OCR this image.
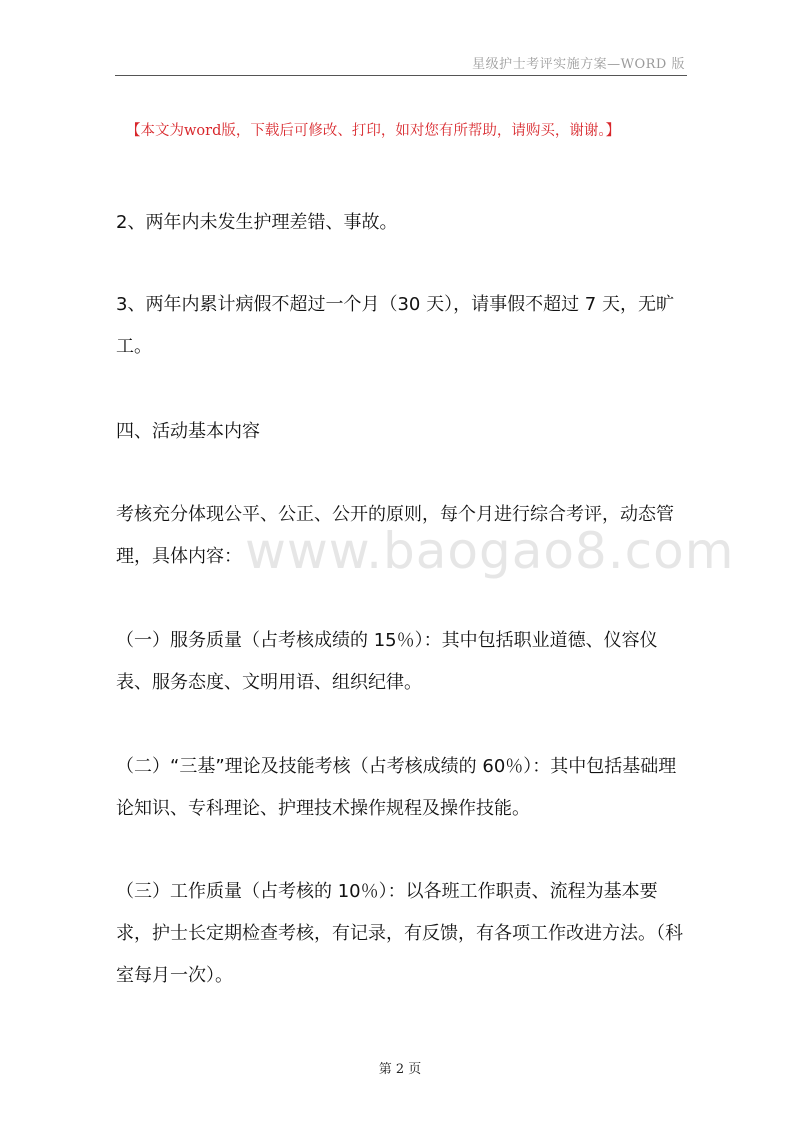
星级护士考评实施方案—WORD 版
【本文为word版，下载后可修改、打印，如对您有所帮助，请购买，谢谢。】
www.baogao8.com
2、两年内未发生护理差错、事故。
3、两年内累计病假不超过一个月（30 天），请事假不超过 7 天，无旷工。
四、活动基本内容
考核充分体现公平、公正、公开的原则，每个月进行综合考评，动态管理，具体内容：
（一）服务质量（占考核成绩的 15％）：其中包括职业道德、仪容仪表、服务态度、文明用语、组织纪律。
（二）“三基”理论及技能考核（占考核成绩的 60％）：其中包括基础理论知识、专科理论、护理技术操作规程及操作技能。
（三）工作质量（占考核的 10％）：以各班工作职责、流程为基本要求，护士长定期检查考核，有记录，有反馈，有各项工作改进方法。（科室每月一次）。
第 2 页
